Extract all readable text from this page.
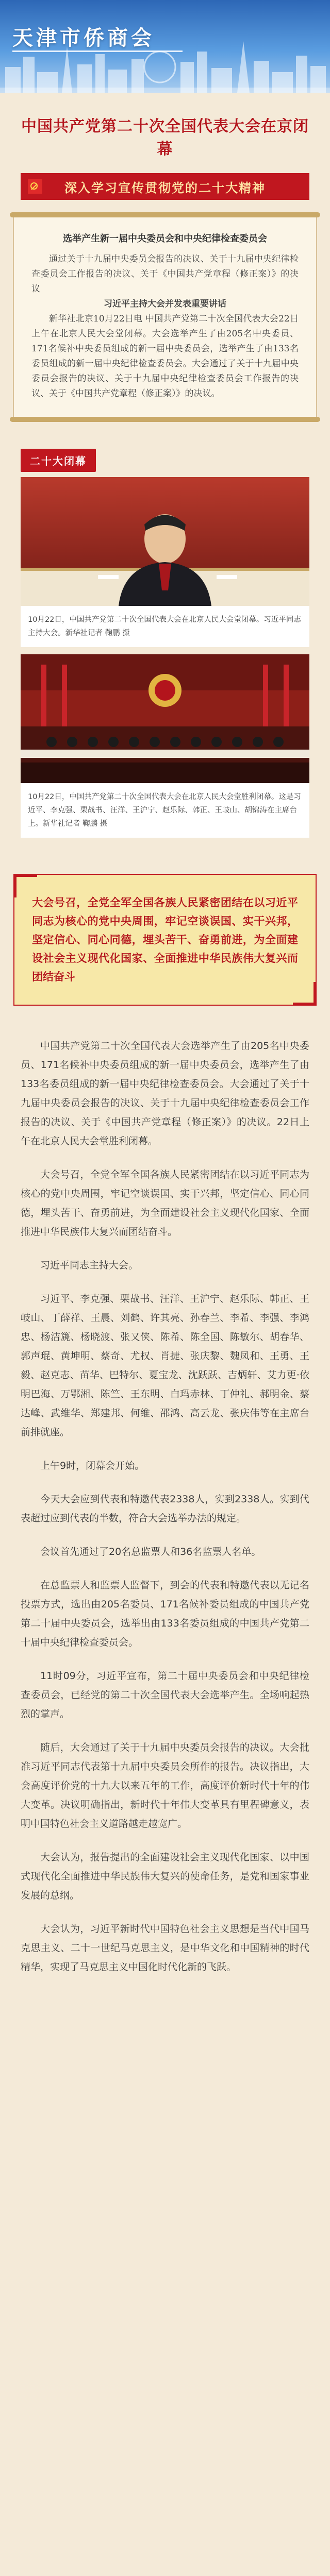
天津市侨商会
中国共产党第二十次全国代表大会在京闭幕
深入学习宣传贯彻党的二十大精神
选举产生新一届中央委员会和中央纪律检查委员会

通过关于十九届中央委员会报告的决议、关于十九届中央纪律检查委员会工作报告的决议、关于《中国共产党章程（修正案）》的决议

习近平主持大会并发表重要讲话

新华社北京10月22日电 中国共产党第二十次全国代表大会22日上午在北京人民大会堂闭幕。大会选举产生了由205名中央委员、171名候补中央委员组成的新一届中央委员会，选举产生了由133名委员组成的新一届中央纪律检查委员会。大会通过了关于十九届中央委员会报告的决议、关于十九届中央纪律检查委员会工作报告的决议、关于《中国共产党章程（修正案）》的决议。

二十大闭幕
10月22日，中国共产党第二十次全国代表大会在北京人民大会堂闭幕。习近平同志主持大会。新华社记者 鞠鹏 摄
10月22日，中国共产党第二十次全国代表大会在北京人民大会堂胜利闭幕。这是习近平、李克强、栗战书、汪洋、王沪宁、赵乐际、韩正、王岐山、胡锦涛在主席台上。新华社记者 鞠鹏 摄

大会号召，全党全军全国各族人民紧密团结在以习近平同志为核心的党中央周围，牢记空谈误国、实干兴邦，坚定信心、同心同德，埋头苦干、奋勇前进，为全面建设社会主义现代化国家、全面推进中华民族伟大复兴而团结奋斗

中国共产党第二十次全国代表大会选举产生了由205名中央委员、171名候补中央委员组成的新一届中央委员会，选举产生了由133名委员组成的新一届中央纪律检查委员会。大会通过了关于十九届中央委员会报告的决议、关于十九届中央纪律检查委员会工作报告的决议、关于《中国共产党章程（修正案）》的决议。22日上午在北京人民大会堂胜利闭幕。

大会号召，全党全军全国各族人民紧密团结在以习近平同志为核心的党中央周围，牢记空谈误国、实干兴邦，坚定信心、同心同德，埋头苦干、奋勇前进，为全面建设社会主义现代化国家、全面推进中华民族伟大复兴而团结奋斗。

习近平同志主持大会。

习近平、李克强、栗战书、汪洋、王沪宁、赵乐际、韩正、王岐山、丁薛祥、王晨、刘鹤、许其亮、孙春兰、李希、李强、李鸿忠、杨洁篪、杨晓渡、张又侠、陈希、陈全国、陈敏尔、胡春华、郭声琨、黄坤明、蔡奇、尤权、肖捷、张庆黎、魏凤和、王勇、王毅、赵克志、苗华、巴特尔、夏宝龙、沈跃跃、吉炳轩、艾力更·依明巴海、万鄂湘、陈竺、王东明、白玛赤林、丁仲礼、郝明金、蔡达峰、武维华、郑建邦、何维、邵鸿、高云龙、张庆伟等在主席台前排就座。

上午9时，闭幕会开始。

今天大会应到代表和特邀代表2338人，实到2338人。实到代表超过应到代表的半数，符合大会选举办法的规定。

会议首先通过了20名总监票人和36名监票人名单。

在总监票人和监票人监督下，到会的代表和特邀代表以无记名投票方式，选出由205名委员、171名候补委员组成的中国共产党第二十届中央委员会，选举出由133名委员组成的中国共产党第二十届中央纪律检查委员会。

11时09分，习近平宣布，第二十届中央委员会和中央纪律检查委员会，已经党的第二十次全国代表大会选举产生。全场响起热烈的掌声。

随后，大会通过了关于十九届中央委员会报告的决议。大会批准习近平同志代表第十九届中央委员会所作的报告。决议指出，大会高度评价党的十九大以来五年的工作，高度评价新时代十年的伟大变革。决议明确指出，新时代十年伟大变革具有里程碑意义，表明中国特色社会主义道路越走越宽广。

大会认为，报告提出的全面建设社会主义现代化国家、以中国式现代化全面推进中华民族伟大复兴的使命任务，是党和国家事业发展的总纲。

大会认为，习近平新时代中国特色社会主义思想是当代中国马克思主义、二十一世纪马克思主义，是中华文化和中国精神的时代精华，实现了马克思主义中国化时代化新的飞跃。
